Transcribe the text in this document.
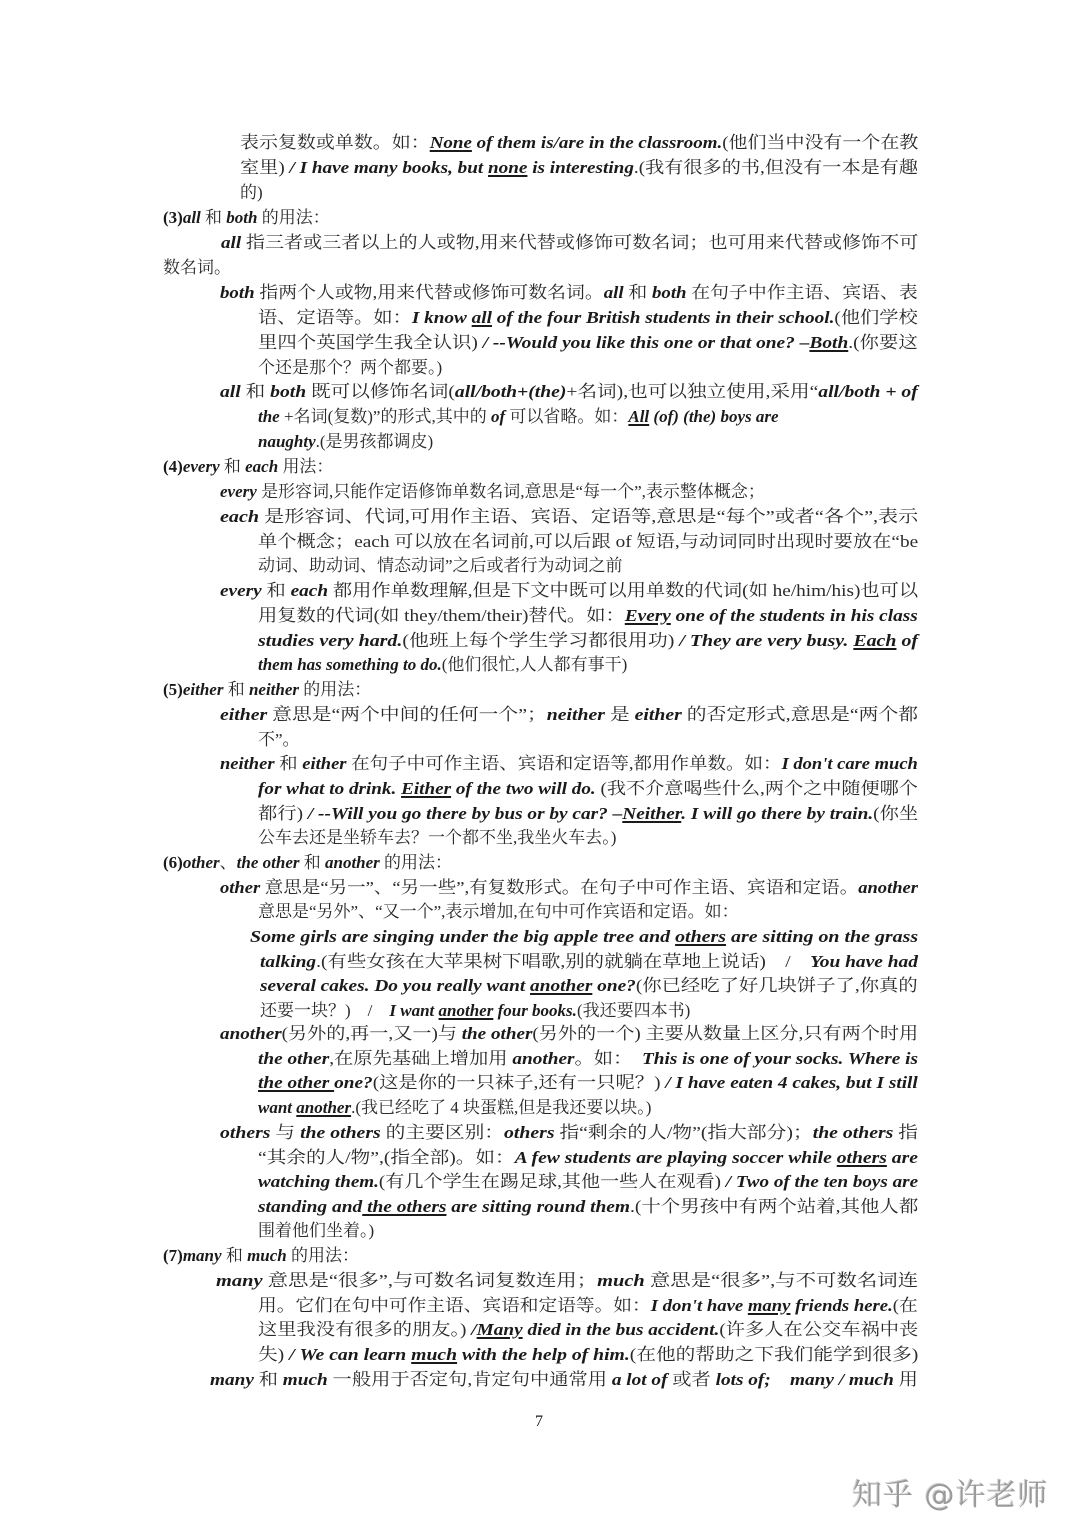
表示复数或单数。如：None of them is/are in the classroom.(他们当中没有一个在教
室里) / I have many books, but none is interesting.(我有很多的书,但没有一本是有趣
的)
(3)all 和 both 的用法：
all 指三者或三者以上的人或物,用来代替或修饰可数名词；也可用来代替或修饰不可
数名词。
both 指两个人或物,用来代替或修饰可数名词。all 和 both 在句子中作主语、宾语、表
语、定语等。如：I know all of the four British students in their school.(他们学校
里四个英国学生我全认识) / --Would you like this one or that one? –Both.(你要这
个还是那个？两个都要。)
all 和 both 既可以修饰名词(all/both+(the)+名词),也可以独立使用,采用“all/both + of
the +名词(复数)”的形式,其中的 of 可以省略。如：All (of) (the) boys are
naughty.(是男孩都调皮)
(4)every 和 each 用法：
every 是形容词,只能作定语修饰单数名词,意思是“每一个”,表示整体概念；
each 是形容词、代词,可用作主语、宾语、定语等,意思是“每个”或者“各个”,表示
单个概念；each 可以放在名词前,可以后跟 of 短语,与动词同时出现时要放在“be
动词、助动词、情态动词”之后或者行为动词之前
every 和 each 都用作单数理解,但是下文中既可以用单数的代词(如 he/him/his)也可以
用复数的代词(如 they/them/their)替代。如：Every one of the students in his class
studies very hard.(他班上每个学生学习都很用功) / They are very busy. Each of
them has something to do.(他们很忙,人人都有事干)
(5)either 和 neither 的用法：
either 意思是“两个中间的任何一个”；neither 是 either 的否定形式,意思是“两个都
不”。
neither 和 either 在句子中可作主语、宾语和定语等,都用作单数。如：I don't care much
for what to drink. Either of the two will do. (我不介意喝些什么,两个之中随便哪个
都行) / --Will you go there by bus or by car? –Neither. I will go there by train.(你坐
公车去还是坐轿车去？一个都不坐,我坐火车去。)
(6)other、the other 和 another 的用法：
other 意思是“另一”、“另一些”,有复数形式。在句子中可作主语、宾语和定语。another
意思是“另外”、“又一个”,表示增加,在句中可作宾语和定语。如：
Some girls are singing under the big apple tree and others are sitting on the grass
talking.(有些女孩在大苹果树下唱歌,别的就躺在草地上说话)　/　You have had
several cakes. Do you really want another one?(你已经吃了好几块饼子了,你真的
还要一块？)　/　I want another four books.(我还要四本书)
another(另外的,再一,又一)与 the other(另外的一个) 主要从数量上区分,只有两个时用
the other,在原先基础上增加用 another。如：　This is one of your socks. Where is
the other one?(这是你的一只袜子,还有一只呢？) / I have eaten 4 cakes, but I still
want another.(我已经吃了 4 块蛋糕,但是我还要以块。)
others 与 the others 的主要区别：others 指“剩余的人/物”(指大部分)；the others 指
“其余的人/物”,(指全部)。如：A few students are playing soccer while others are
watching them.(有几个学生在踢足球,其他一些人在观看) / Two of the ten boys are
standing and the others are sitting round them.(十个男孩中有两个站着,其他人都
围着他们坐着。)
(7)many 和 much 的用法：
many 意思是“很多”,与可数名词复数连用；much 意思是“很多”,与不可数名词连
用。它们在句中可作主语、宾语和定语等。如：I don't have many friends here.(在
这里我没有很多的朋友。) /Many died in the bus accident.(许多人在公交车祸中丧
失) / We can learn much with the help of him.(在他的帮助之下我们能学到很多)
many 和 much 一般用于否定句,肯定句中通常用 a lot of 或者 lots of;　 many / much 用
7
知乎 @许老师
